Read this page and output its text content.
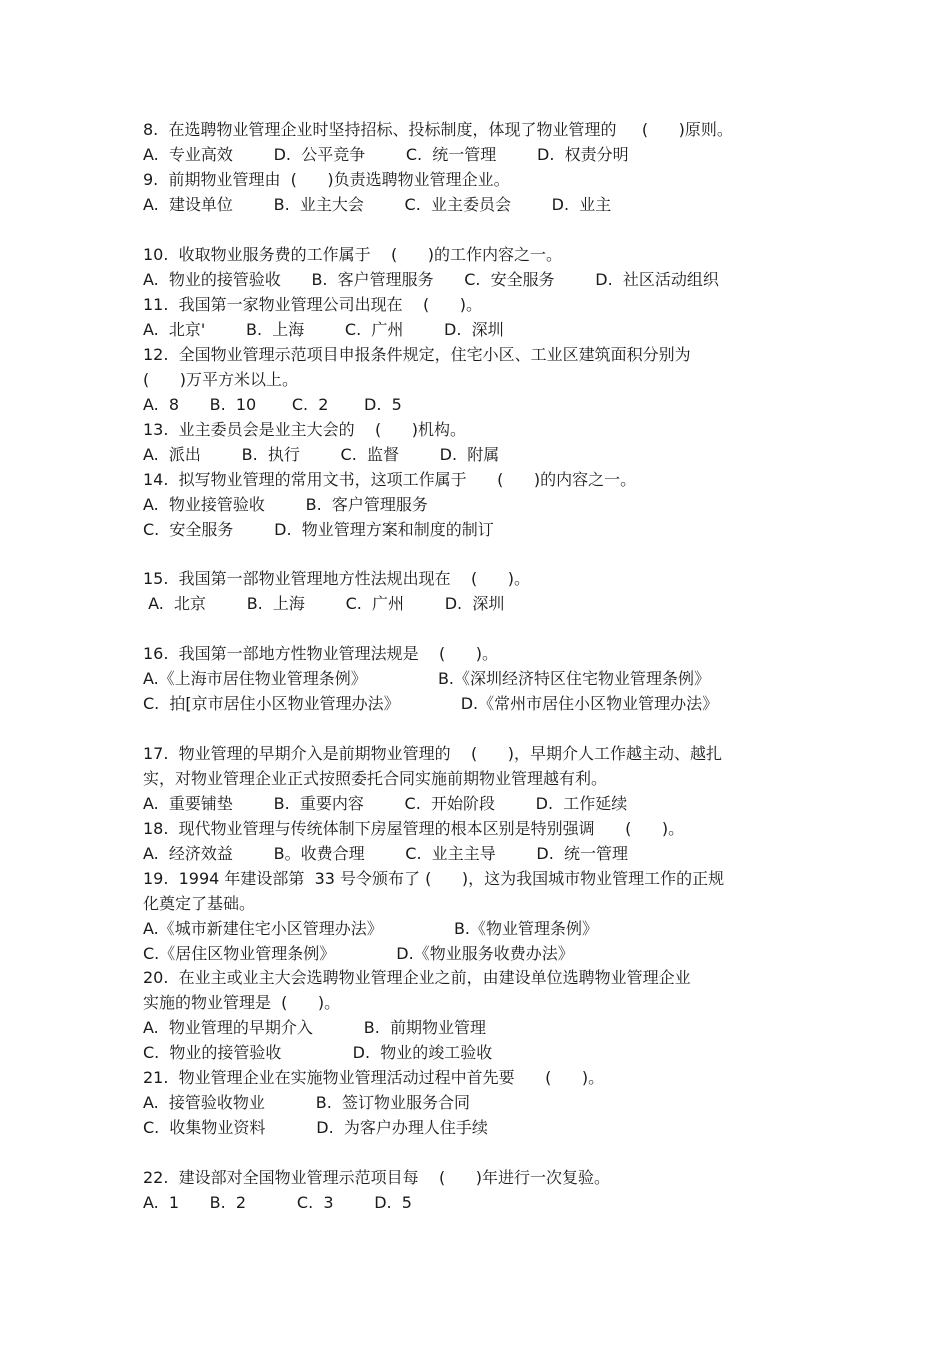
8.  在选聘物业管理企业时坚持招标、投标制度，体现了物业管理的     (      )原则。
A.  专业高效        D.  公平竞争        C.  统一管理        D.  权责分明
9.  前期物业管理由  (      )负责选聘物业管理企业。
A.  建设单位        B.  业主大会        C.  业主委员会        D.  业主
10.  收取物业服务费的工作属于    (      )的工作内容之一。
A.  物业的接管验收      B.  客户管理服务      C.  安全服务        D.  社区活动组织
11.  我国第一家物业管理公司出现在    (      )。
A.  北京'        B.  上海        C.  广州        D.  深圳
12.  全国物业管理示范项目申报条件规定，住宅小区、工业区建筑面积分别为
(      )万平方米以上。
A.  8      B.  10       C.  2       D.  5
13.  业主委员会是业主大会的    (      )机构。
A.  派出        B.  执行        C.  监督        D.  附属
14.  拟写物业管理的常用文书，这项工作属于      (      )的内容之一。
A.  物业接管验收        B.  客户管理服务
C.  安全服务        D.  物业管理方案和制度的制订
15.  我国第一部物业管理地方性法规出现在    (      )。
A.  北京        B.  上海        C.  广州        D.  深圳
16.  我国第一部地方性物业管理法规是    (      )。
A.《上海市居住物业管理条例》              B.《深圳经济特区住宅物业管理条例》
C.  拍[京市居住小区物业管理办法》            D.《常州市居住小区物业管理办法》
17.  物业管理的早期介入是前期物业管理的    (      )，早期介人工作越主动、越扎
实，对物业管理企业正式按照委托合同实施前期物业管理越有利。
A.  重要铺垫        B.  重要内容        C.  开始阶段        D.  工作延续
18.  现代物业管理与传统体制下房屋管理的根本区别是特别强调      (      )。
A.  经济效益        B。收费合理        C.  业主主导        D.  统一管理
19.  1994 年建设部第  33 号令颁布了 (      )，这为我国城市物业管理工作的正规
化奠定了基础。
A.《城市新建住宅小区管理办法》              B.《物业管理条例》
C.《居住区物业管理条例》            D.《物业服务收费办法》
20.  在业主或业主大会选聘物业管理企业之前，由建设单位选聘物业管理企业
实施的物业管理是  (      )。
A.  物业管理的早期介入          B.  前期物业管理
C.  物业的接管验收              D.  物业的竣工验收
21.  物业管理企业在实施物业管理活动过程中首先要      (      )。
A.  接管验收物业          B.  签订物业服务合同
C.  收集物业资料          D.  为客户办理人住手续
22.  建设部对全国物业管理示范项目每    (      )年进行一次复验。
A.  1      B.  2          C.  3        D.  5
